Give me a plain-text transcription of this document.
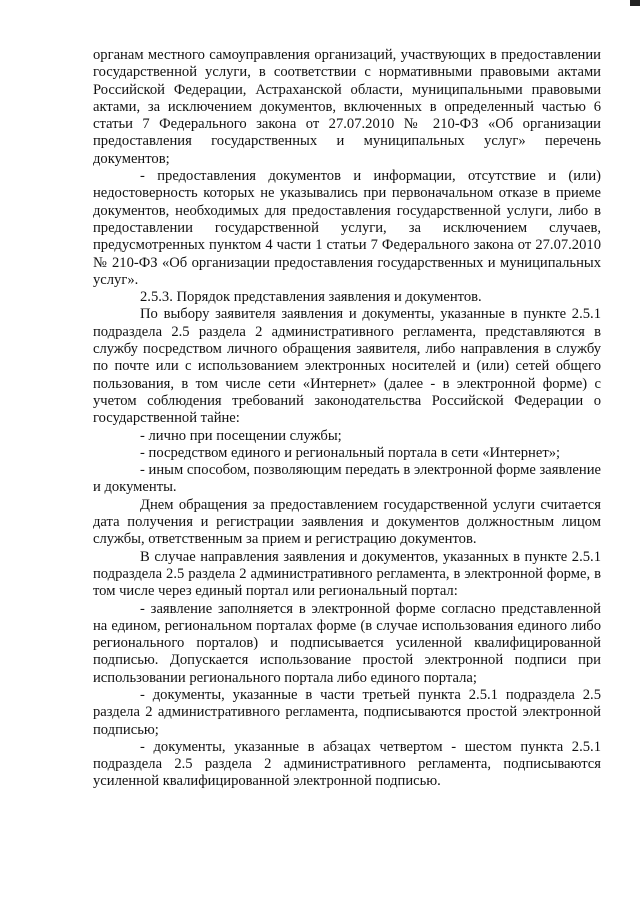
органам местного самоуправления организаций, участвующих в предоставлении государственной услуги, в соответствии с нормативными правовыми актами Российской Федерации, Астраханской области, муниципальными правовыми актами, за исключением документов, включенных в определенный частью 6 статьи 7 Федерального закона от 27.07.2010 № 210-ФЗ «Об организации предоставления государственных и муниципальных услуг» перечень документов;

- предоставления документов и информации, отсутствие и (или) недостоверность которых не указывались при первоначальном отказе в приеме документов, необходимых для предоставления государственной услуги, либо в предоставлении государственной услуги, за исключением случаев, предусмотренных пунктом 4 части 1 статьи 7 Федерального закона от 27.07.2010 № 210-ФЗ «Об организации предоставления государственных и муниципальных услуг».

2.5.3. Порядок представления заявления и документов.

По выбору заявителя заявления и документы, указанные в пункте 2.5.1 подраздела 2.5 раздела 2 административного регламента, представляются в службу посредством личного обращения заявителя, либо направления в службу по почте или с использованием электронных носителей и (или) сетей общего пользования, в том числе сети «Интернет» (далее - в электронной форме) с учетом соблюдения требований законодательства Российской Федерации о государственной тайне:

- лично при посещении службы;

- посредством единого и региональный портала в сети «Интернет»;

- иным способом, позволяющим передать в электронной форме заявление и документы.

Днем обращения за предоставлением государственной услуги считается дата получения и регистрации заявления и документов должностным лицом службы, ответственным за прием и регистрацию документов.

В случае направления заявления и документов, указанных в пункте 2.5.1 подраздела 2.5 раздела 2 административного регламента, в электронной форме, в том числе через единый портал или региональный портал:

- заявление заполняется в электронной форме согласно представленной на едином, региональном порталах форме (в случае использования единого либо регионального порталов) и подписывается усиленной квалифицированной подписью. Допускается использование простой электронной подписи при использовании регионального портала либо единого портала;

- документы, указанные в части третьей пункта 2.5.1 подраздела 2.5 раздела 2 административного регламента, подписываются простой электронной подписью;

- документы, указанные в абзацах четвертом - шестом пункта 2.5.1 подраздела 2.5 раздела 2 административного регламента, подписываются усиленной квалифицированной электронной подписью.
